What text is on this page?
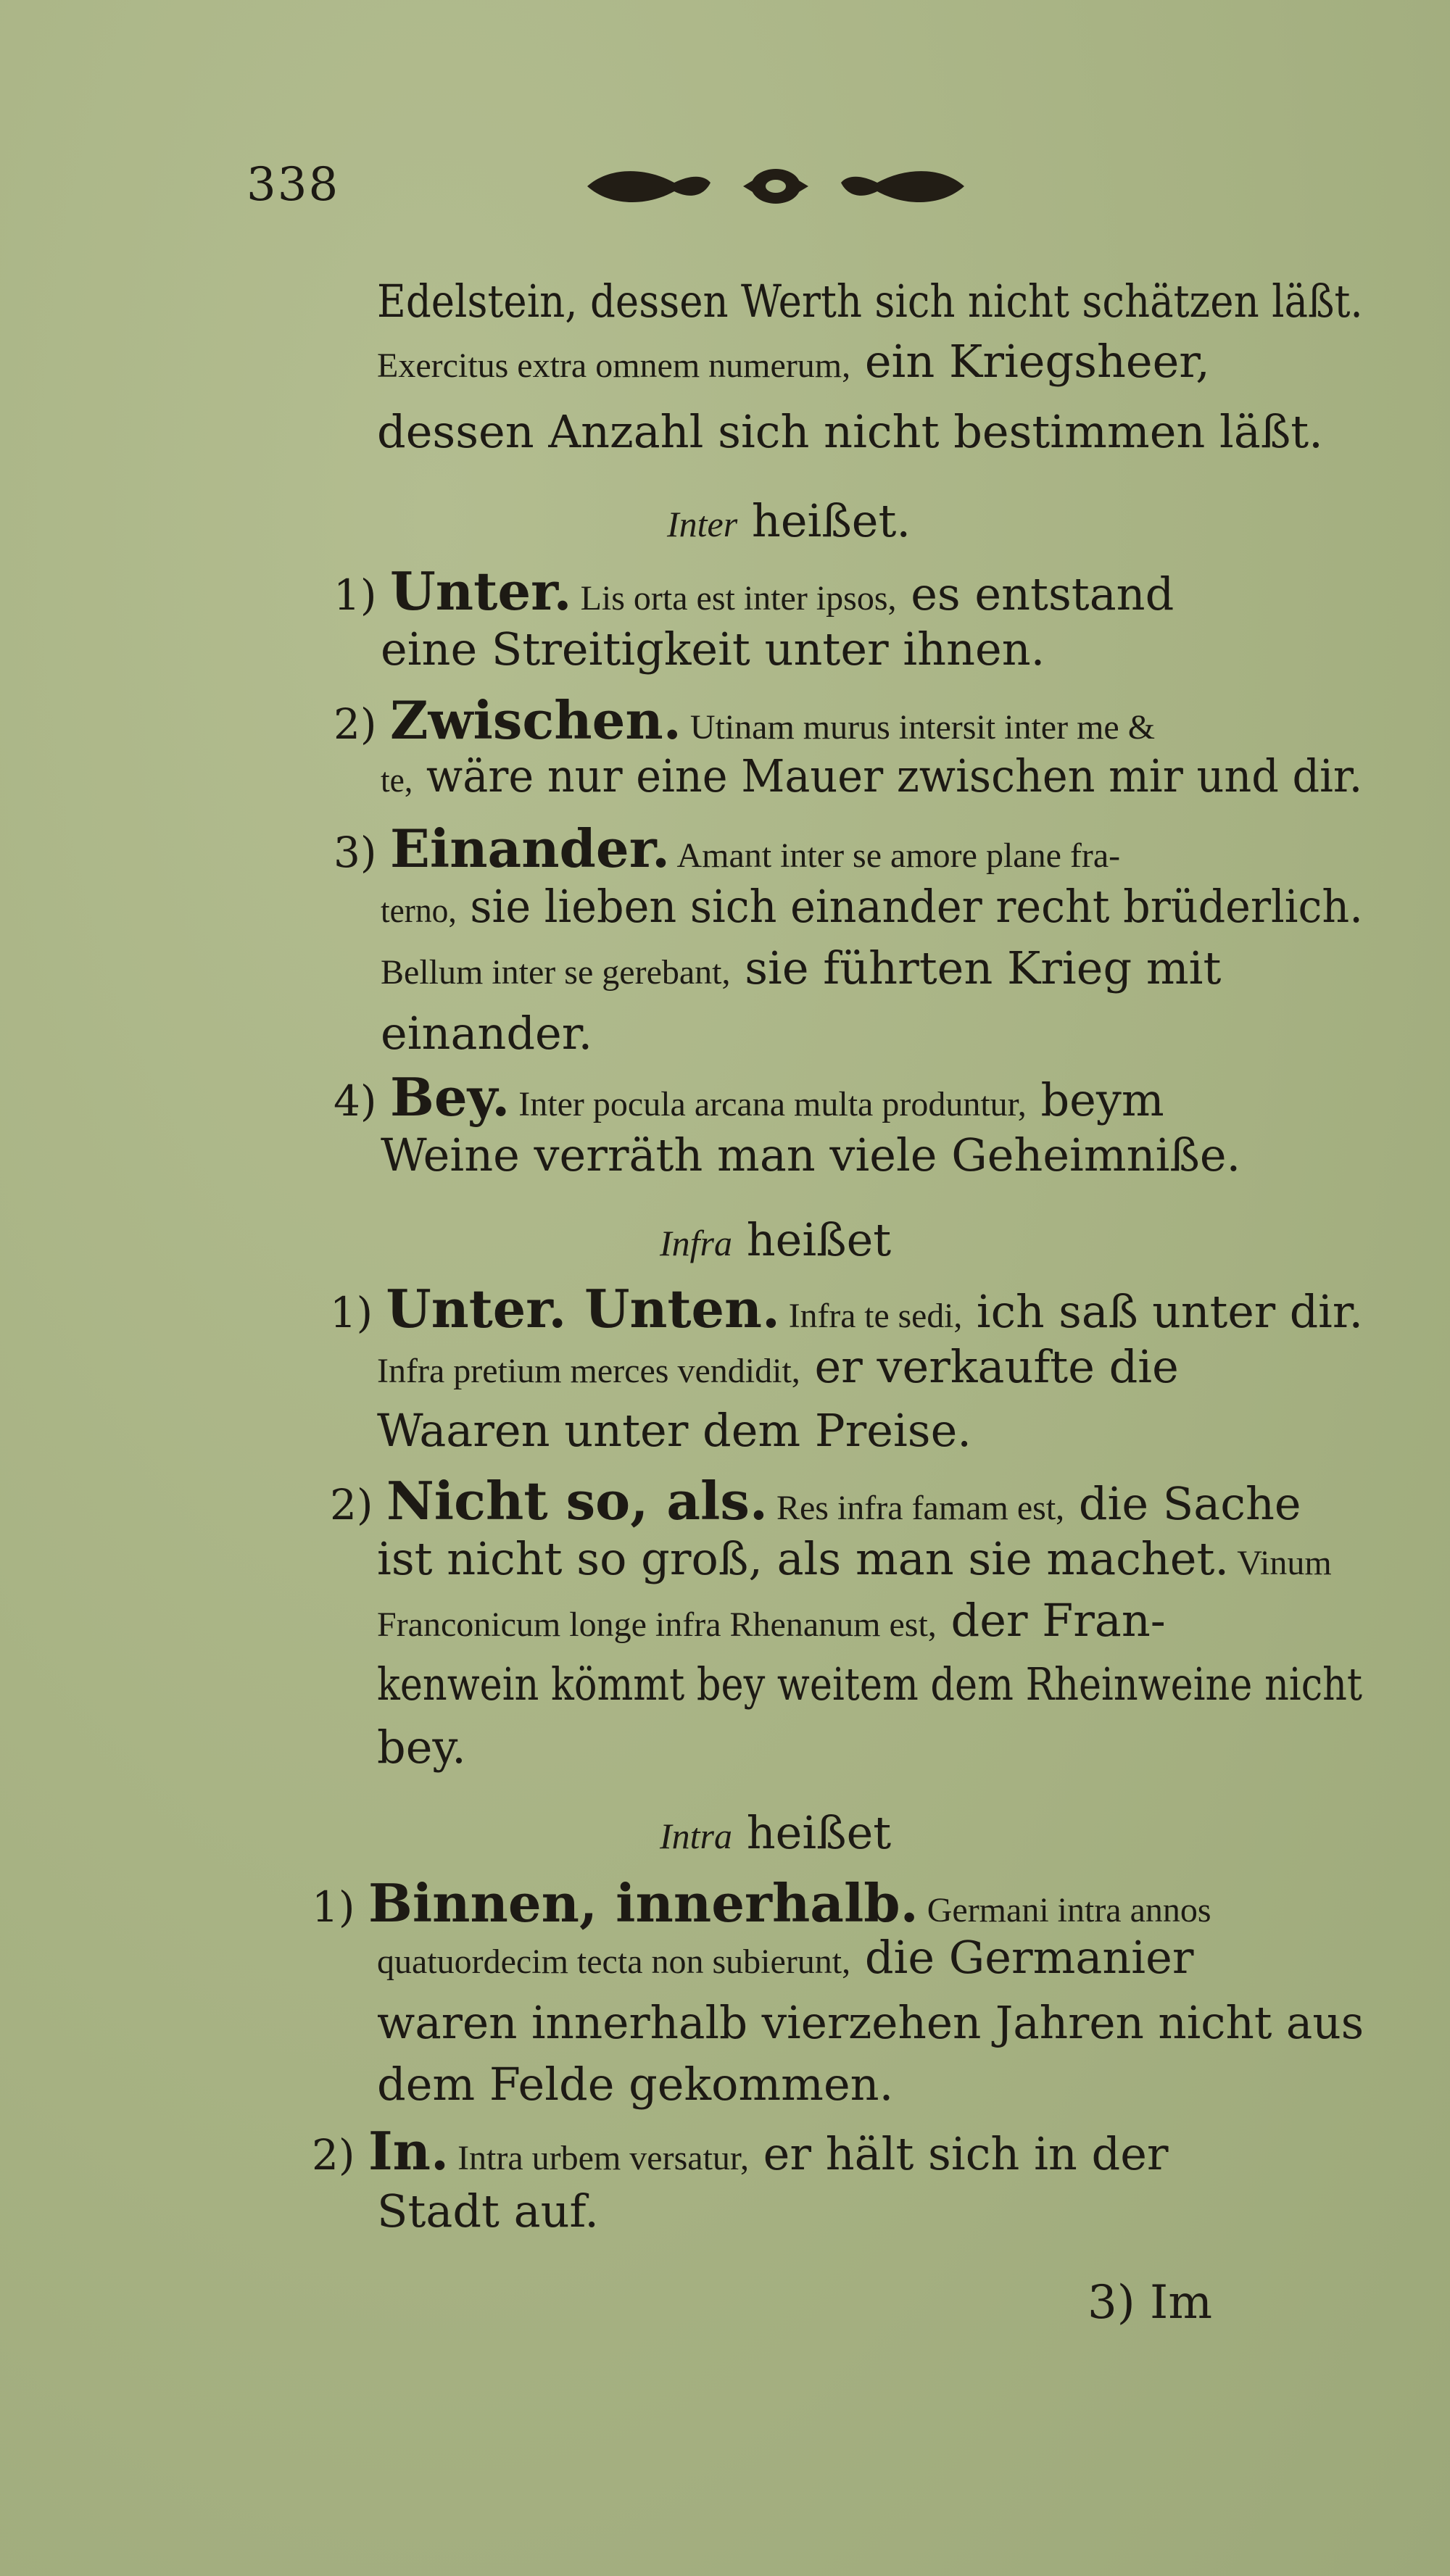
338
Edelstein, dessen Werth sich nicht schätzen läßt.
Exercitus extra omnem numerum, ein Kriegsheer,
dessen Anzahl sich nicht bestimmen läßt.
Inter heißet.
1) Unter. Lis orta est inter ipsos, es entstand
eine Streitigkeit unter ihnen.
2) Zwischen. Utinam murus intersit inter me &
te, wäre nur eine Mauer zwischen mir und dir.
3) Einander. Amant inter se amore plane fra-
terno, sie lieben sich einander recht brüderlich.
Bellum inter se gerebant, sie führten Krieg mit
einander.
4) Bey. Inter pocula arcana multa produntur, beym
Weine verräth man viele Geheimniße.
Infra heißet
1) Unter. Unten. Infra te sedi, ich saß unter dir.
Infra pretium merces vendidit, er verkaufte die
Waaren unter dem Preise.
2) Nicht so, als. Res infra famam est, die Sache
ist nicht so groß, als man sie machet. Vinum
Franconicum longe infra Rhenanum est, der Fran-
kenwein kömmt bey weitem dem Rheinweine nicht
bey.
Intra heißet
1) Binnen, innerhalb. Germani intra annos
quatuordecim tecta non subierunt, die Germanier
waren innerhalb vierzehen Jahren nicht aus
dem Felde gekommen.
2) In. Intra urbem versatur, er hält sich in der
Stadt auf.
3) Im
